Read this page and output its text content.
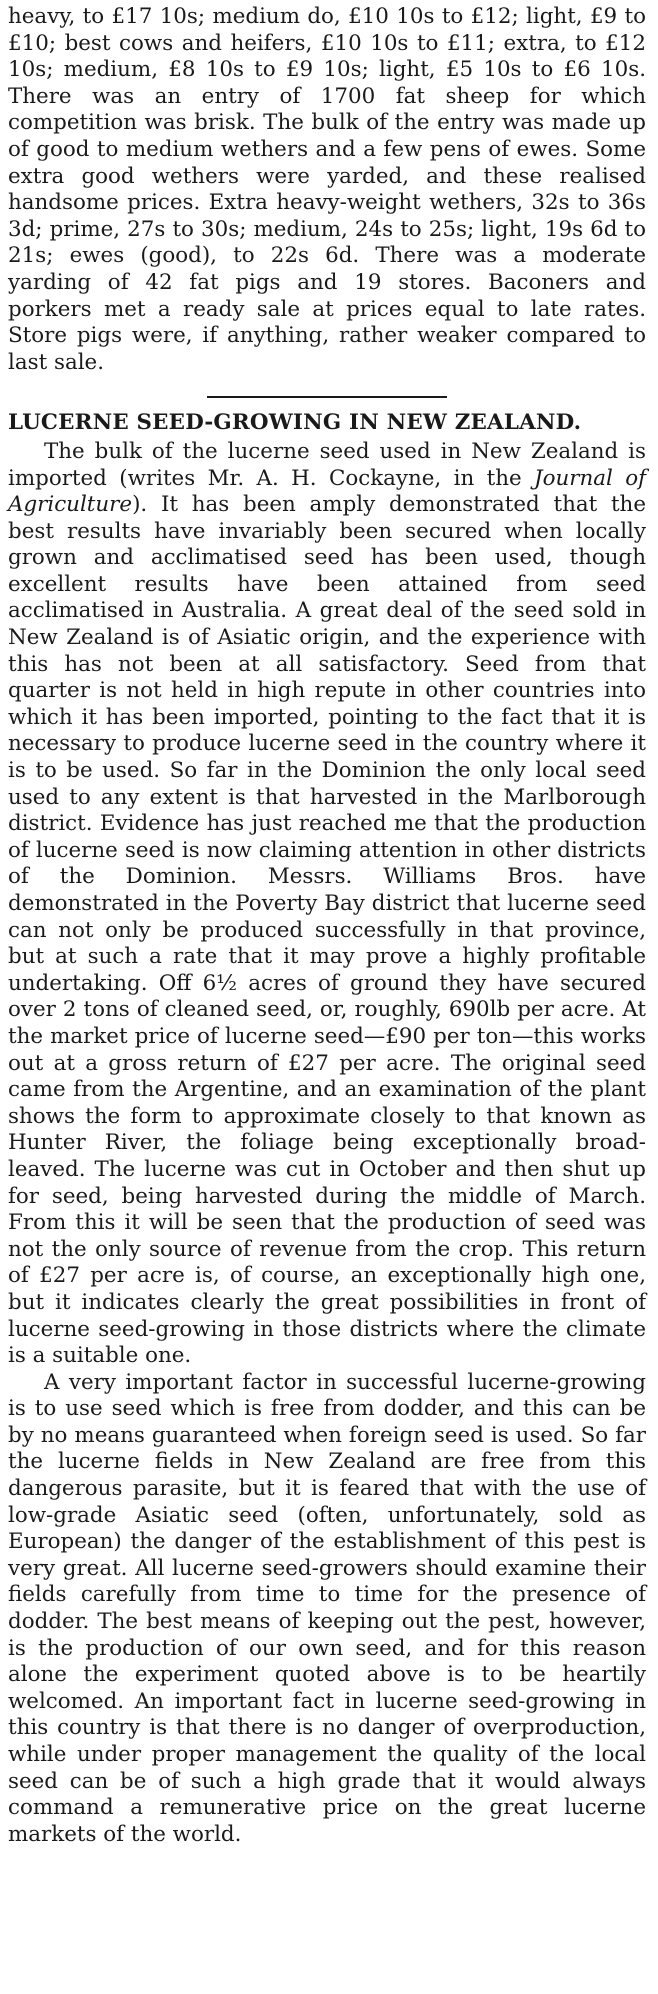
heavy, to £17 10s; medium do, £10 10s to £12; light, £9 to £10; best cows and heifers, £10 10s to £11; extra, to £12 10s; medium, £8 10s to £9 10s; light, £5 10s to £6 10s. There was an entry of 1700 fat sheep for which competition was brisk. The bulk of the entry was made up of good to medium wethers and a few pens of ewes. Some extra good wethers were yarded, and these realised handsome prices. Extra heavy-weight wethers, 32s to 36s 3d; prime, 27s to 30s; medium, 24s to 25s; light, 19s 6d to 21s; ewes (good), to 22s 6d. There was a moderate yarding of 42 fat pigs and 19 stores. Baconers and porkers met a ready sale at prices equal to late rates. Store pigs were, if anything, rather weaker compared to last sale.

LUCERNE SEED-GROWING IN NEW ZEALAND.

The bulk of the lucerne seed used in New Zealand is imported (writes Mr. A. H. Cockayne, in the Journal of Agriculture). It has been amply demonstrated that the best results have invariably been secured when locally grown and acclimatised seed has been used, though excellent results have been attained from seed acclimatised in Australia. A great deal of the seed sold in New Zealand is of Asiatic origin, and the experience with this has not been at all satisfactory. Seed from that quarter is not held in high repute in other countries into which it has been imported, pointing to the fact that it is necessary to produce lucerne seed in the country where it is to be used. So far in the Dominion the only local seed used to any extent is that harvested in the Marlborough district. Evidence has just reached me that the production of lucerne seed is now claiming attention in other districts of the Dominion. Messrs. Williams Bros. have demonstrated in the Poverty Bay district that lucerne seed can not only be produced successfully in that province, but at such a rate that it may prove a highly profitable undertaking. Off 6½ acres of ground they have secured over 2 tons of cleaned seed, or, roughly, 690lb per acre. At the market price of lucerne seed—£90 per ton—this works out at a gross return of £27 per acre. The original seed came from the Argentine, and an examination of the plant shows the form to approximate closely to that known as Hunter River, the foliage being exceptionally broad-leaved. The lucerne was cut in October and then shut up for seed, being harvested during the middle of March. From this it will be seen that the production of seed was not the only source of revenue from the crop. This return of £27 per acre is, of course, an exceptionally high one, but it indicates clearly the great possibilities in front of lucerne seed-growing in those districts where the climate is a suitable one.

A very important factor in successful lucerne-growing is to use seed which is free from dodder, and this can be by no means guaranteed when foreign seed is used. So far the lucerne fields in New Zealand are free from this dangerous parasite, but it is feared that with the use of low-grade Asiatic seed (often, unfortunately, sold as European) the danger of the establishment of this pest is very great. All lucerne seed-growers should examine their fields carefully from time to time for the presence of dodder. The best means of keeping out the pest, however, is the production of our own seed, and for this reason alone the experiment quoted above is to be heartily welcomed. An important fact in lucerne seed-growing in this country is that there is no danger of overproduction, while under proper management the quality of the local seed can be of such a high grade that it would always command a remunerative price on the great lucerne markets of the world.
